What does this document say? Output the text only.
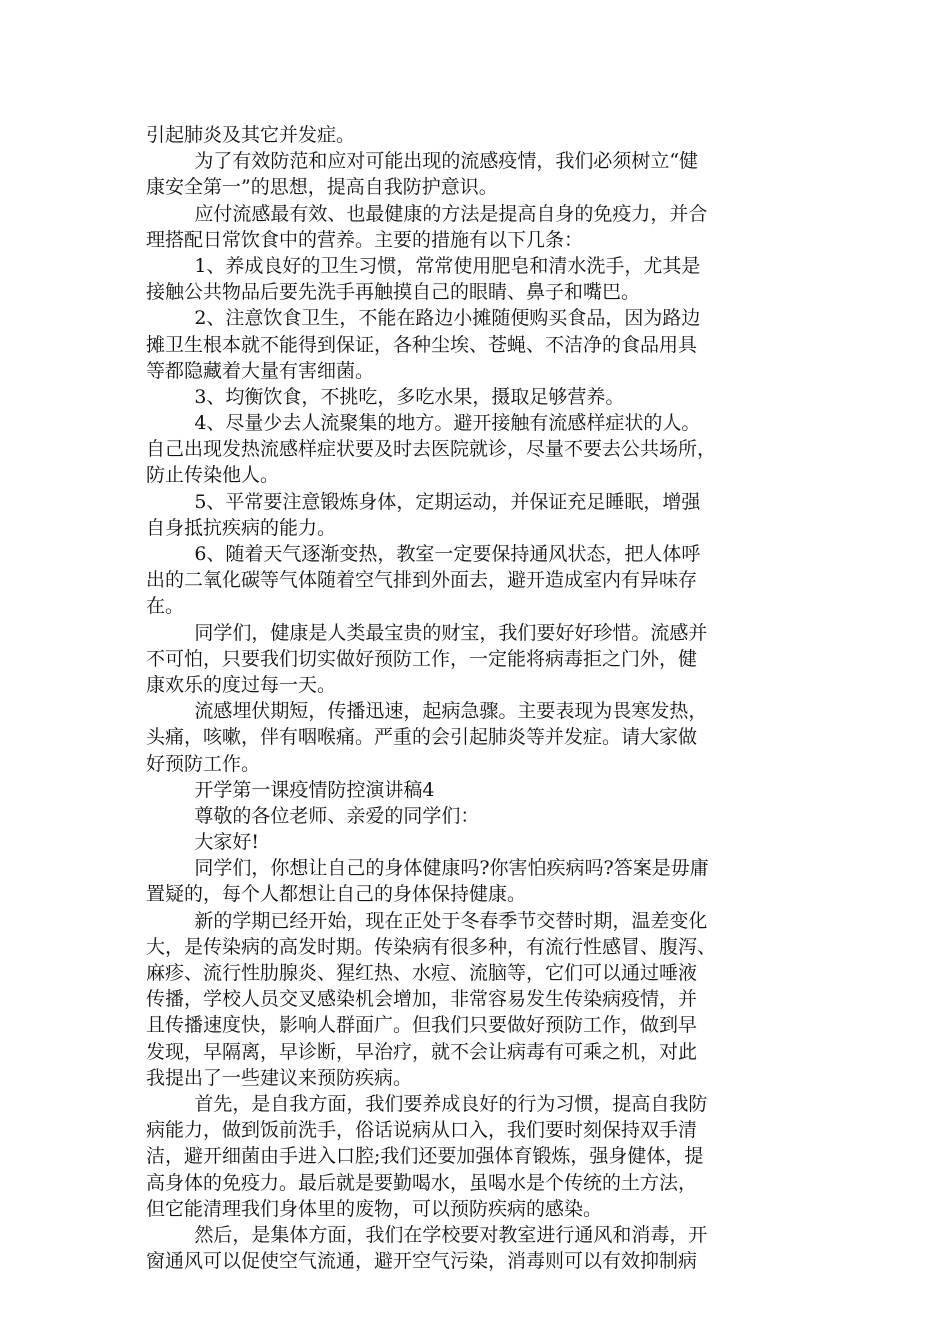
引起肺炎及其它并发症。
为了有效防范和应对可能出现的流感疫情，我们必须树立“健
康安全第一”的思想，提高自我防护意识。
应付流感最有效、也最健康的方法是提高自身的免疫力，并合
理搭配日常饮食中的营养。主要的措施有以下几条：
1、养成良好的卫生习惯，常常使用肥皂和清水洗手，尤其是
接触公共物品后要先洗手再触摸自己的眼睛、鼻子和嘴巴。
2、注意饮食卫生，不能在路边小摊随便购买食品，因为路边
摊卫生根本就不能得到保证，各种尘埃、苍蝇、不洁净的食品用具
等都隐藏着大量有害细菌。
3、均衡饮食，不挑吃，多吃水果，摄取足够营养。
4、尽量少去人流聚集的地方。避开接触有流感样症状的人。
自己出现发热流感样症状要及时去医院就诊，尽量不要去公共场所，
防止传染他人。
5、平常要注意锻炼身体，定期运动，并保证充足睡眠，增强
自身抵抗疾病的能力。
6、随着天气逐渐变热，教室一定要保持通风状态，把人体呼
出的二氧化碳等气体随着空气排到外面去，避开造成室内有异味存
在。
同学们，健康是人类最宝贵的财宝，我们要好好珍惜。流感并
不可怕，只要我们切实做好预防工作，一定能将病毒拒之门外，健
康欢乐的度过每一天。
流感埋伏期短，传播迅速，起病急骤。主要表现为畏寒发热，
头痛，咳嗽，伴有咽喉痛。严重的会引起肺炎等并发症。请大家做
好预防工作。
开学第一课疫情防控演讲稿4
尊敬的各位老师、亲爱的同学们：
大家好!
同学们，你想让自己的身体健康吗?你害怕疾病吗?答案是毋庸
置疑的，每个人都想让自己的身体保持健康。
新的学期已经开始，现在正处于冬春季节交替时期，温差变化
大，是传染病的高发时期。传染病有很多种，有流行性感冒、腹泻、
麻疹、流行性肋腺炎、猩红热、水痘、流脑等，它们可以通过唾液
传播，学校人员交叉感染机会增加，非常容易发生传染病疫情，并
且传播速度快，影响人群面广。但我们只要做好预防工作，做到早
发现，早隔离，早诊断，早治疗，就不会让病毒有可乘之机，对此
我提出了一些建议来预防疾病。
首先，是自我方面，我们要养成良好的行为习惯，提高自我防
病能力，做到饭前洗手，俗话说病从口入，我们要时刻保持双手清
洁，避开细菌由手进入口腔;我们还要加强体育锻炼，强身健体，提
高身体的免疫力。最后就是要勤喝水，虽喝水是个传统的土方法，
但它能清理我们身体里的废物，可以预防疾病的感染。
然后，是集体方面，我们在学校要对教室进行通风和消毒，开
窗通风可以促使空气流通，避开空气污染，消毒则可以有效抑制病
